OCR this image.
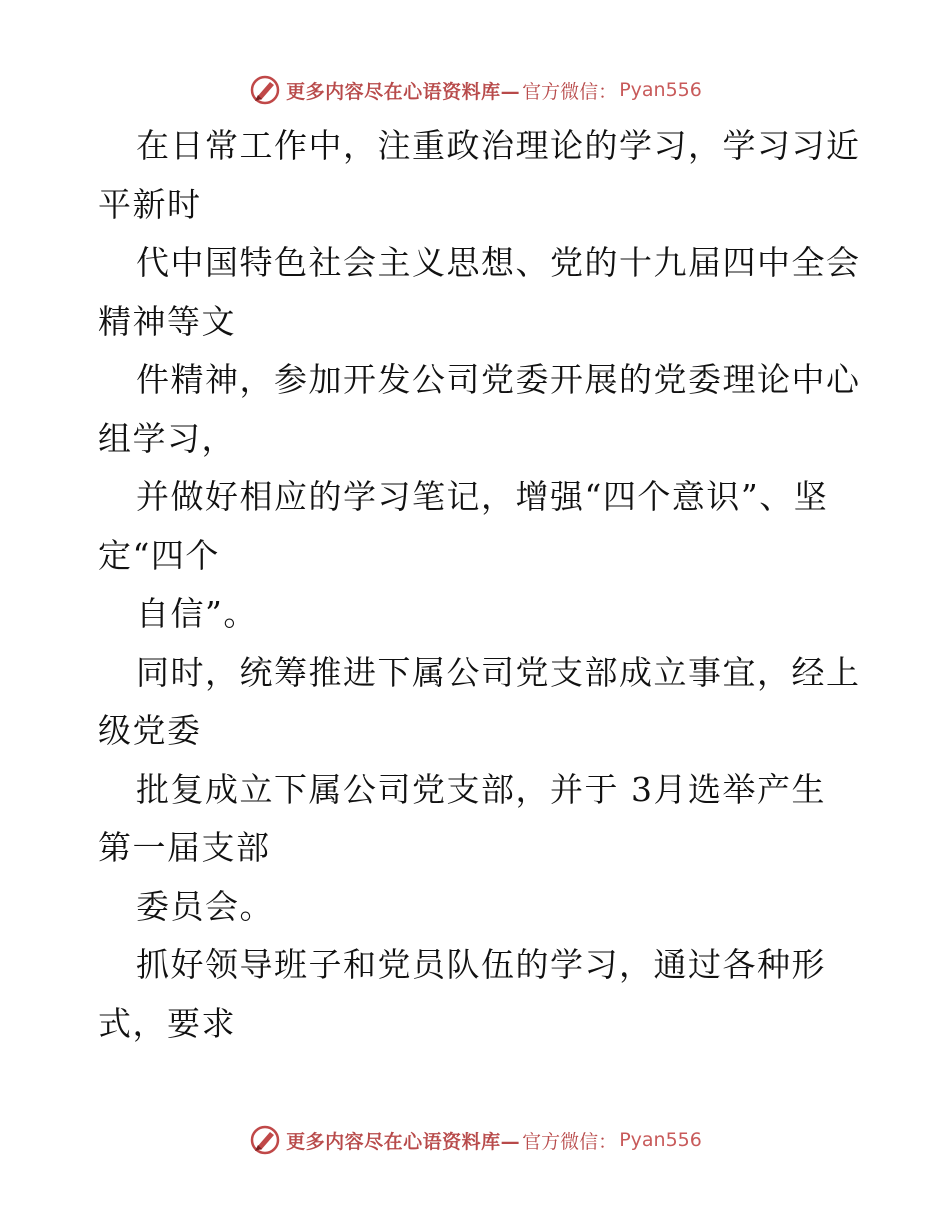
更多内容尽在心语资料库— 官方微信： Pyan556
在日常工作中，注重政治理论的学习，学习习近
平新时
代中国特色社会主义思想、党的十九届四中全会
精神等文
件精神，参加开发公司党委开展的党委理论中心
组学习，
并做好相应的学习笔记，增强“四个意识”、坚
定“四个
自信”。
同时，统筹推进下属公司党支部成立事宜，经上
级党委
批复成立下属公司党支部，并于 3月选举产生
第一届支部
委员会。
抓好领导班子和党员队伍的学习，通过各种形
式，要求
更多内容尽在心语资料库— 官方微信： Pyan556
